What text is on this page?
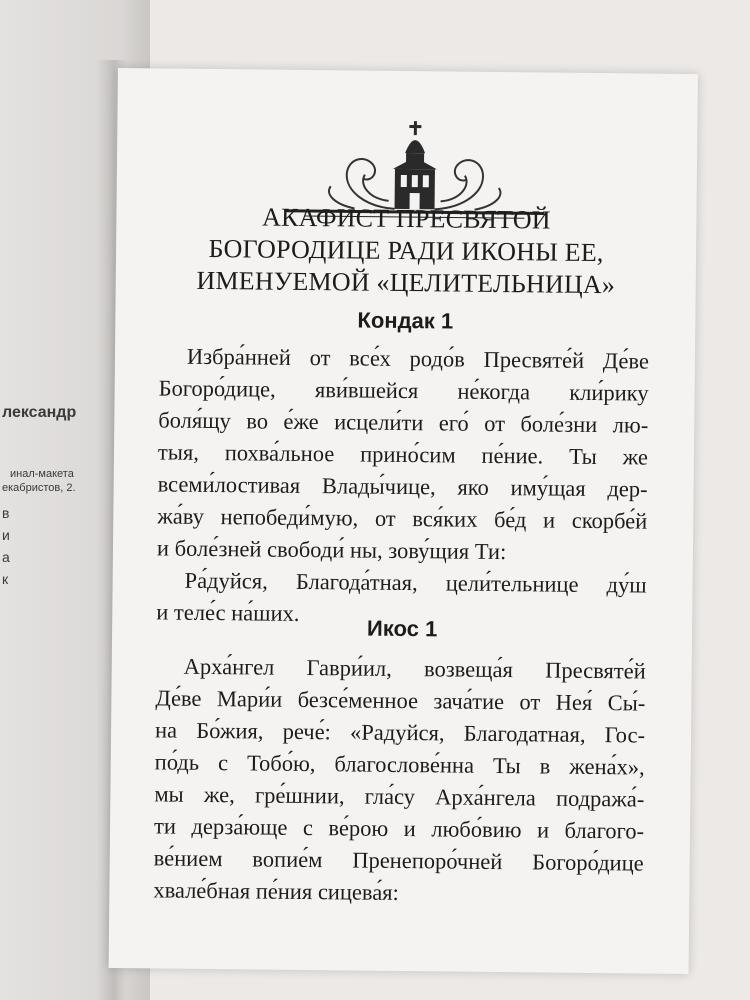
лександр
инал-макета
екабристов, 2.
в
и
а
к
АКАФИСТ ПРЕСВЯТОЙ
БОГОРОДИЦЕ РАДИ ИКОНЫ ЕЕ,
ИМЕНУЕМОЙ «ЦЕЛИТЕЛЬНИЦА»
Кондак 1
Избра́нней от все́х родо́в Пресвяте́й Де́ве
Богоро́дице, яви́вшейся не́когда кли́рику
боля́щу во е́же исцели́ти его́ от боле́зни лю-
тыя, похва́льное прино́сим пе́ние. Ты же
всеми́лостивая Влады́чице, яко иму́щая дер-
жа́ву непобеди́мую, от вся́ких бе́д и скорбе́й
и боле́зней свободи́ ны, зову́щия Ти:
Ра́дуйся, Благода́тная, цели́тельнице ду́ш
и теле́с на́ших.
Икос 1
Арха́нгел Гаври́ил, возвеща́я Пресвяте́й
Де́ве Мари́и безсе́менное зача́тие от Нея́ Сы́-
на Бо́жия, рече́: «Радуйся, Благодатная, Гос-
по́дь с Тобо́ю, благослове́нна Ты в жена́х»,
мы же, гре́шнии, гла́су Арха́нгела подража́-
ти дерза́юще с ве́рою и любо́вию и благого-
ве́нием вопие́м Пренепоро́чней Богоро́дице
хвале́бная пе́ния сицева́я:
